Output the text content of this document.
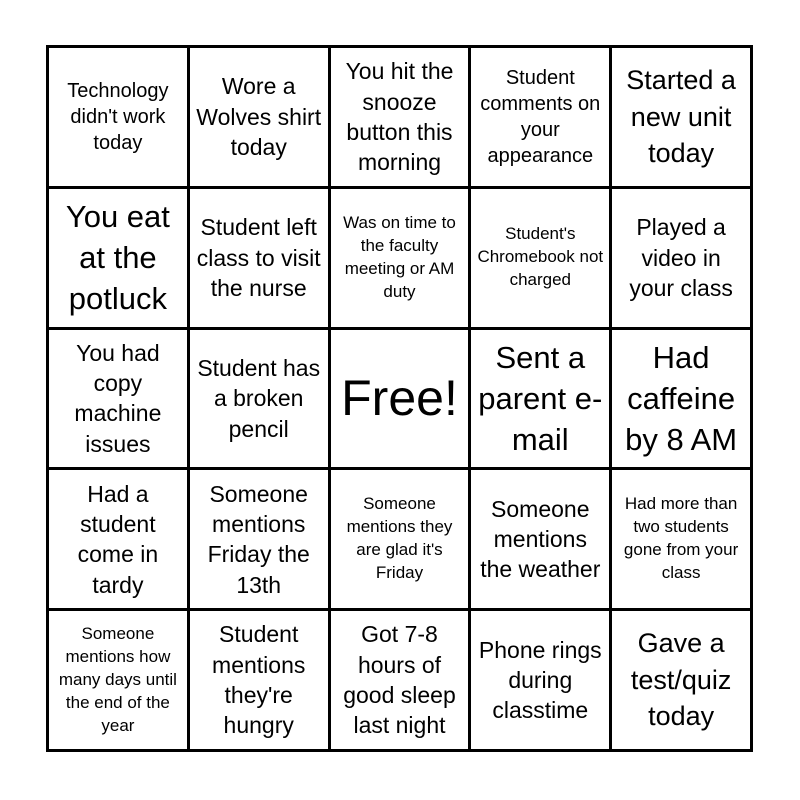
Technology didn't work today
Wore a Wolves shirt today
You hit the snooze button this morning
Student comments on your appearance
Started a new unit today
You eat at the potluck
Student left class to visit the nurse
Was on time to the faculty meeting or AM duty
Student's Chromebook not charged
Played a video in your class
You had copy machine issues
Student has a broken pencil
Free!
Sent a parent e-mail
Had caffeine by 8 AM
Had a student come in tardy
Someone mentions Friday the 13th
Someone mentions they are glad it's Friday
Someone mentions the weather
Had more than two students gone from your class
Someone mentions how many days until the end of the year
Student mentions they're hungry
Got 7-8 hours of good sleep last night
Phone rings during classtime
Gave a test/quiz today
